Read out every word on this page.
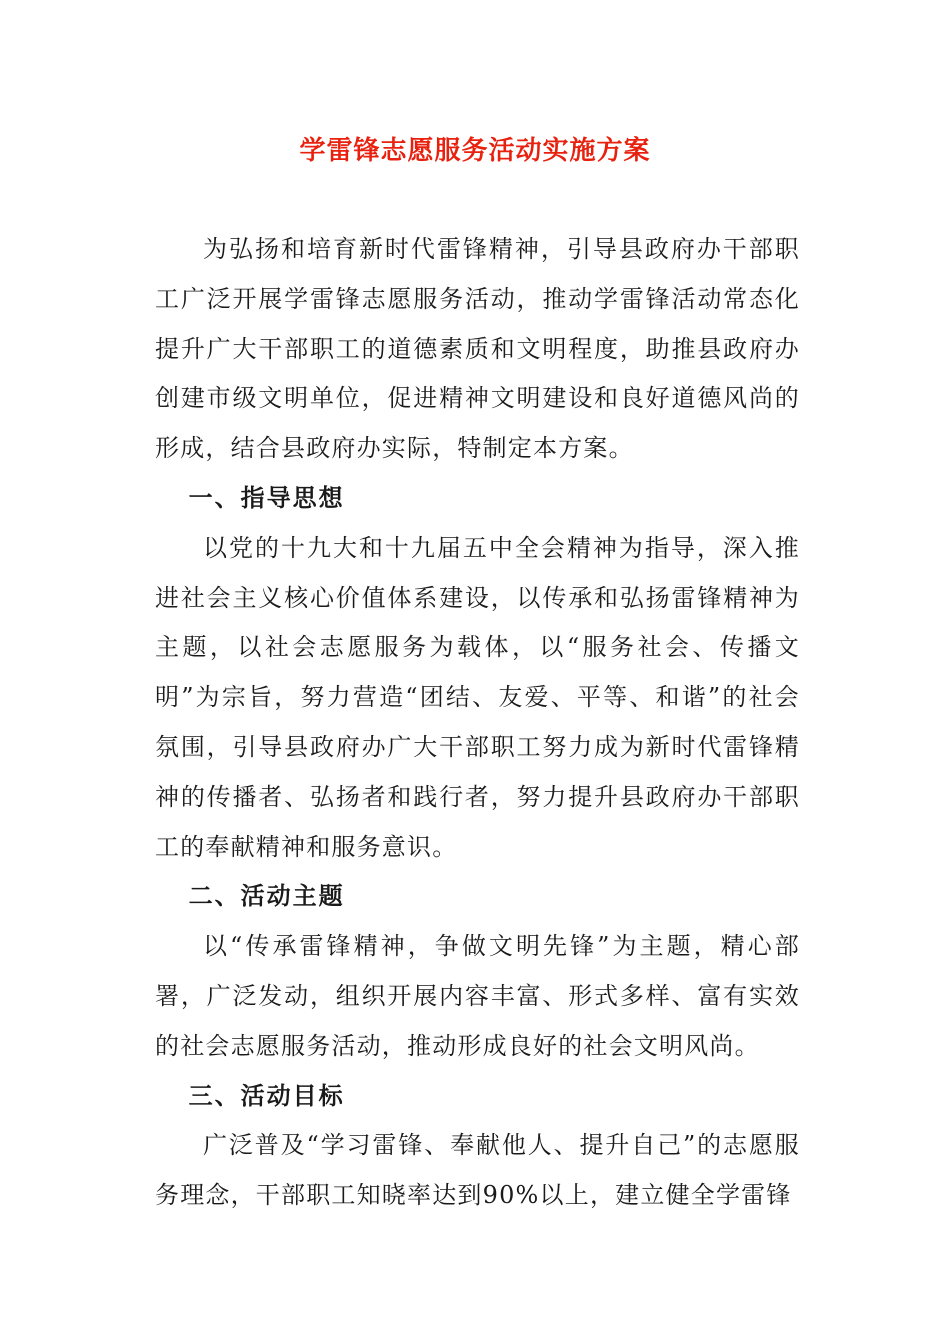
学雷锋志愿服务活动实施方案

为弘扬和培育新时代雷锋精神，引导县政府办干部职工广泛开展学雷锋志愿服务活动，推动学雷锋活动常态化提升广大干部职工的道德素质和文明程度，助推县政府办创建市级文明单位，促进精神文明建设和良好道德风尚的形成，结合县政府办实际，特制定本方案。

一、指导思想

以党的十九大和十九届五中全会精神为指导，深入推进社会主义核心价值体系建设，以传承和弘扬雷锋精神为主题，以社会志愿服务为载体，以“服务社会、传播文明”为宗旨，努力营造“团结、友爱、平等、和谐”的社会氛围，引导县政府办广大干部职工努力成为新时代雷锋精神的传播者、弘扬者和践行者，努力提升县政府办干部职工的奉献精神和服务意识。

二、活动主题

以“传承雷锋精神，争做文明先锋”为主题，精心部署，广泛发动，组织开展内容丰富、形式多样、富有实效的社会志愿服务活动，推动形成良好的社会文明风尚。

三、活动目标

广泛普及“学习雷锋、奉献他人、提升自己”的志愿服务理念，干部职工知晓率达到90%以上，建立健全学雷锋
